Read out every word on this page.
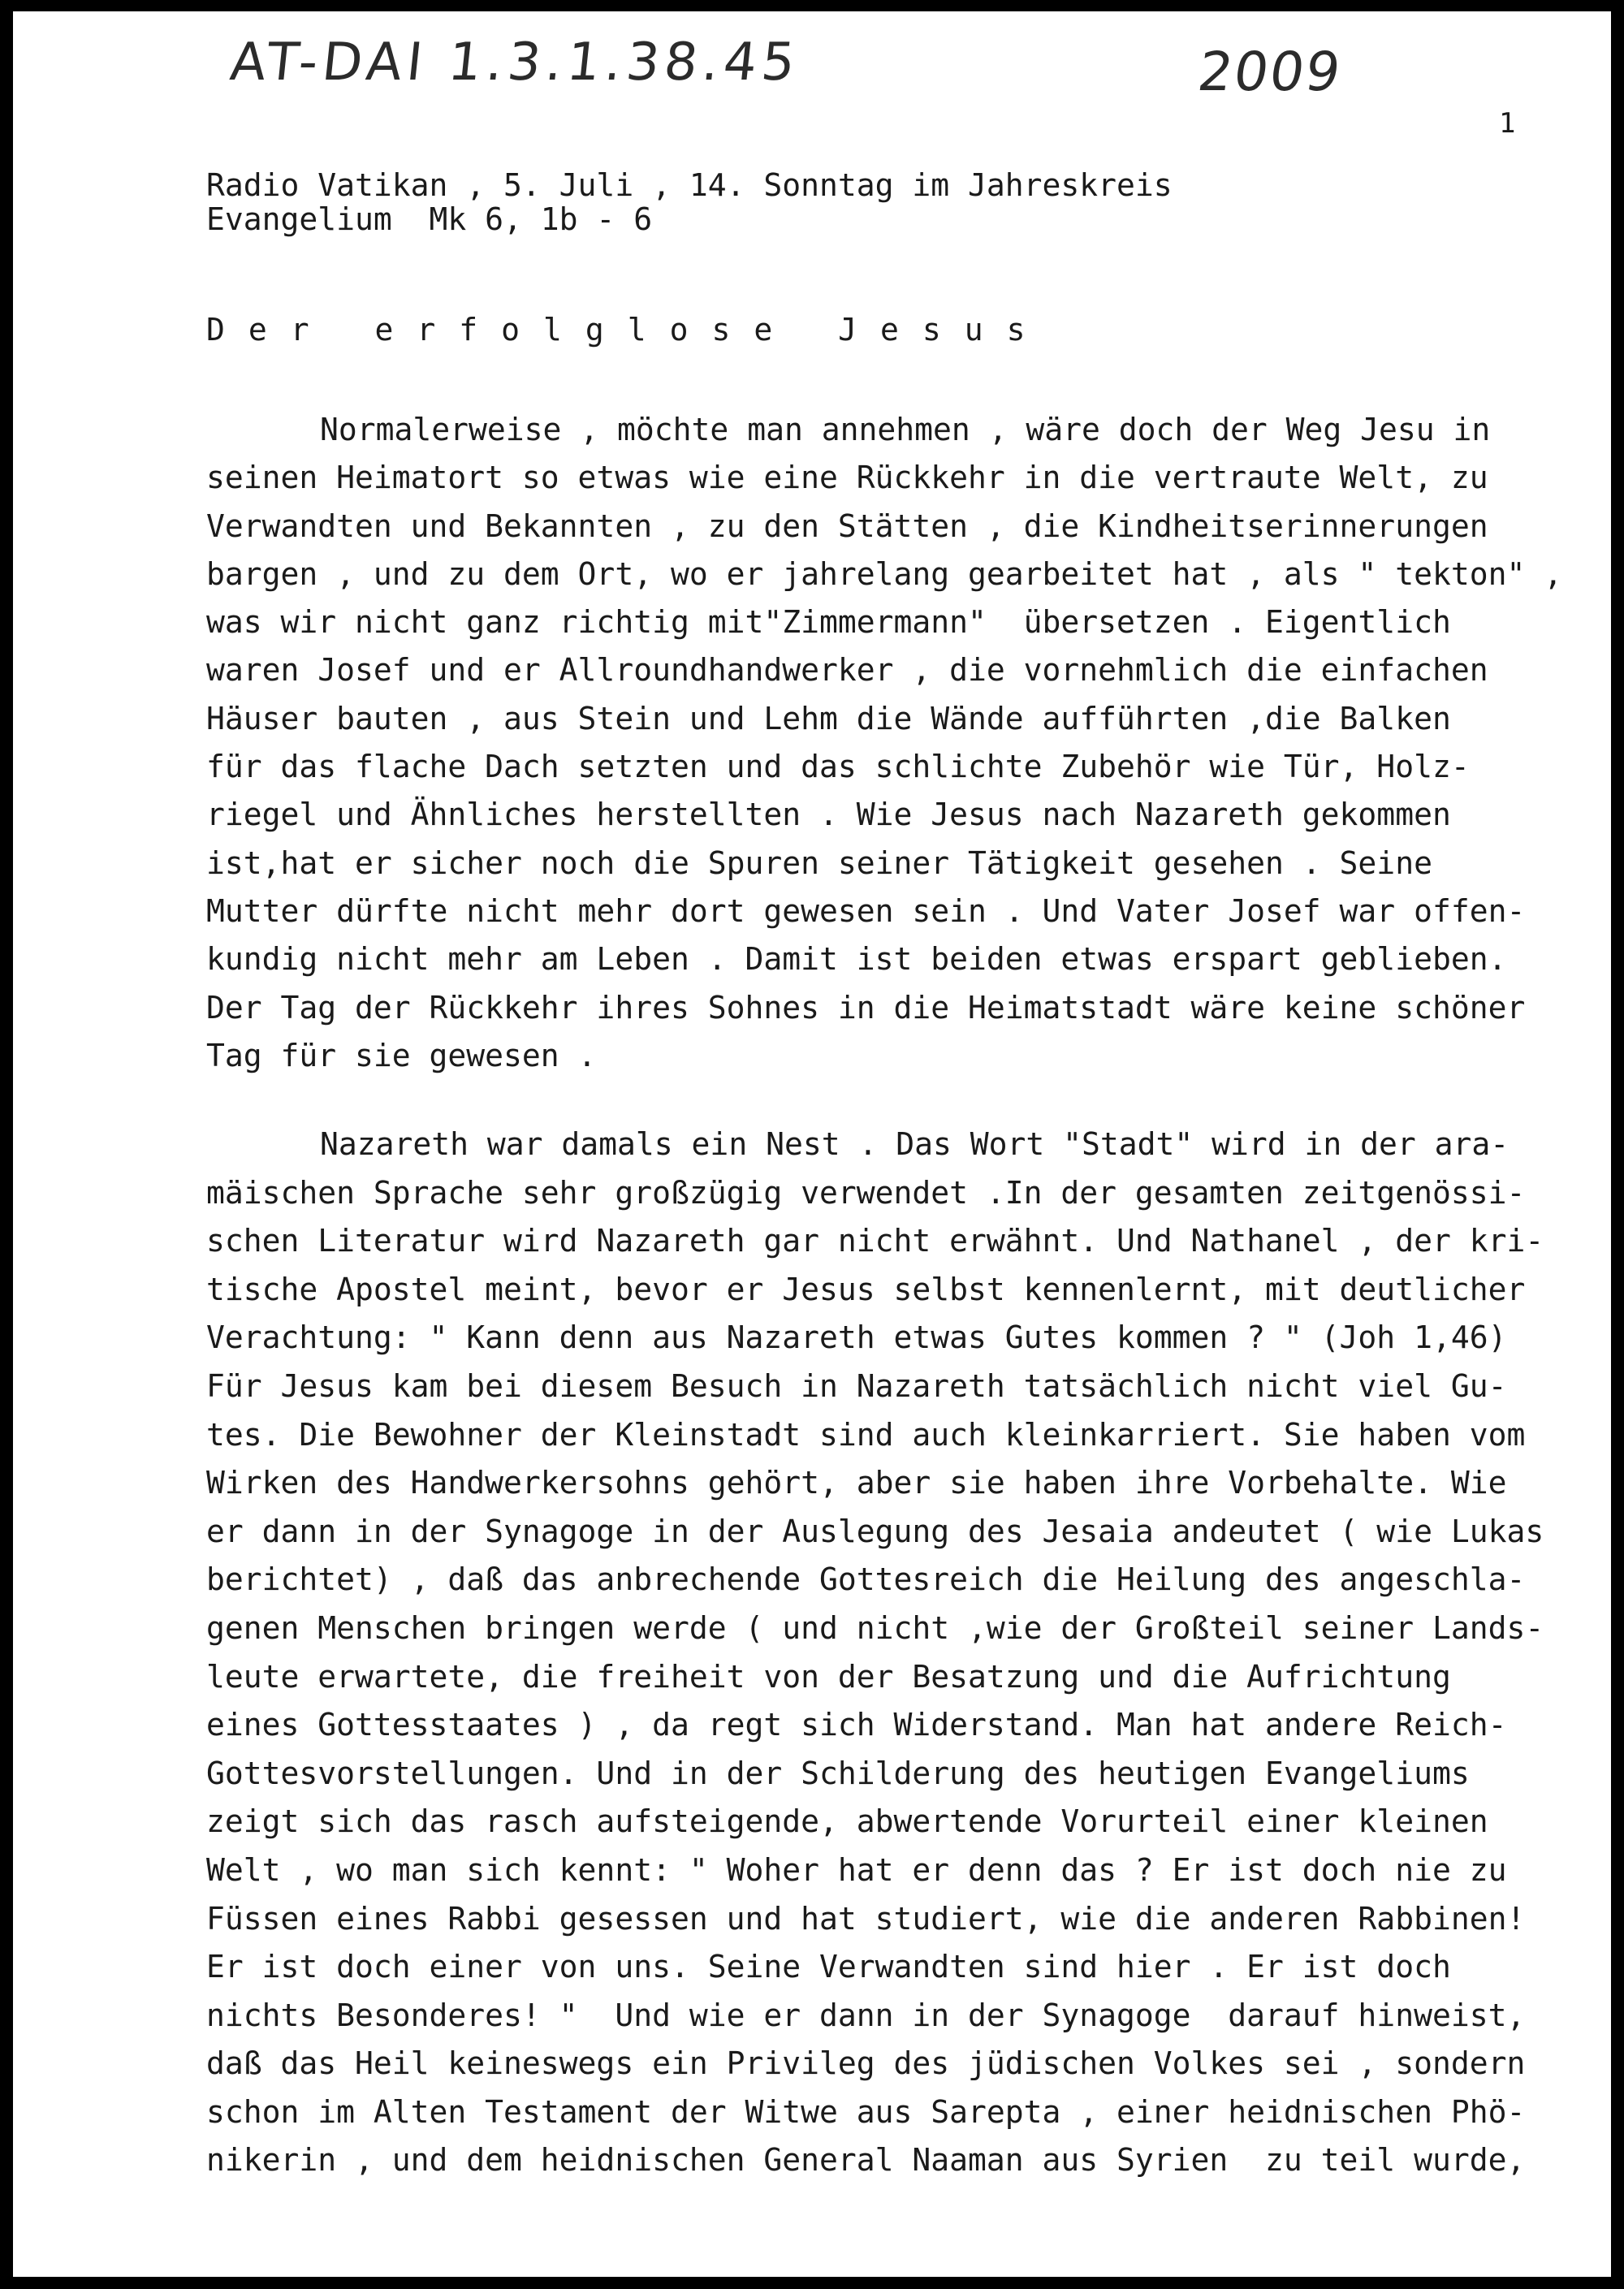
AT-DAI 1.3.1.38.45	2009
1
Radio Vatikan , 5. Juli , 14. Sonntag im Jahreskreis
Evangelium  Mk 6, 1b - 6
Der erfolglose Jesus
Normalerweise , möchte man annehmen , wäre doch der Weg Jesu in
seinen Heimatort so etwas wie eine Rückkehr in die vertraute Welt, zu
Verwandten und Bekannten , zu den Stätten , die Kindheitserinnerungen
bargen , und zu dem Ort, wo er jahrelang gearbeitet hat , als " tekton" ,
was wir nicht ganz richtig mit"Zimmermann"  übersetzen . Eigentlich
waren Josef und er Allroundhandwerker , die vornehmlich die einfachen
Häuser bauten , aus Stein und Lehm die Wände aufführten ,die Balken
für das flache Dach setzten und das schlichte Zubehör wie Tür, Holz-
riegel und Ähnliches herstellten . Wie Jesus nach Nazareth gekommen
ist,hat er sicher noch die Spuren seiner Tätigkeit gesehen . Seine
Mutter dürfte nicht mehr dort gewesen sein . Und Vater Josef war offen-
kundig nicht mehr am Leben . Damit ist beiden etwas erspart geblieben.
Der Tag der Rückkehr ihres Sohnes in die Heimatstadt wäre keine schöner
Tag für sie gewesen .
Nazareth war damals ein Nest . Das Wort "Stadt" wird in der ara-
mäischen Sprache sehr großzügig verwendet .In der gesamten zeitgenössi-
schen Literatur wird Nazareth gar nicht erwähnt. Und Nathanel , der kri-
tische Apostel meint, bevor er Jesus selbst kennenlernt, mit deutlicher
Verachtung: " Kann denn aus Nazareth etwas Gutes kommen ? " (Joh 1,46)
Für Jesus kam bei diesem Besuch in Nazareth tatsächlich nicht viel Gu-
tes. Die Bewohner der Kleinstadt sind auch kleinkarriert. Sie haben vom
Wirken des Handwerkersohns gehört, aber sie haben ihre Vorbehalte. Wie
er dann in der Synagoge in der Auslegung des Jesaia andeutet ( wie Lukas
berichtet) , daß das anbrechende Gottesreich die Heilung des angeschla-
genen Menschen bringen werde ( und nicht ,wie der Großteil seiner Lands-
leute erwartete, die freiheit von der Besatzung und die Aufrichtung
eines Gottesstaates ) , da regt sich Widerstand. Man hat andere Reich-
Gottesvorstellungen. Und in der Schilderung des heutigen Evangeliums
zeigt sich das rasch aufsteigende, abwertende Vorurteil einer kleinen
Welt , wo man sich kennt: " Woher hat er denn das ? Er ist doch nie zu
Füssen eines Rabbi gesessen und hat studiert, wie die anderen Rabbinen!
Er ist doch einer von uns. Seine Verwandten sind hier . Er ist doch
nichts Besonderes! "  Und wie er dann in der Synagoge  darauf hinweist,
daß das Heil keineswegs ein Privileg des jüdischen Volkes sei , sondern
schon im Alten Testament der Witwe aus Sarepta , einer heidnischen Phö-
nikerin , und dem heidnischen General Naaman aus Syrien  zu teil wurde,
